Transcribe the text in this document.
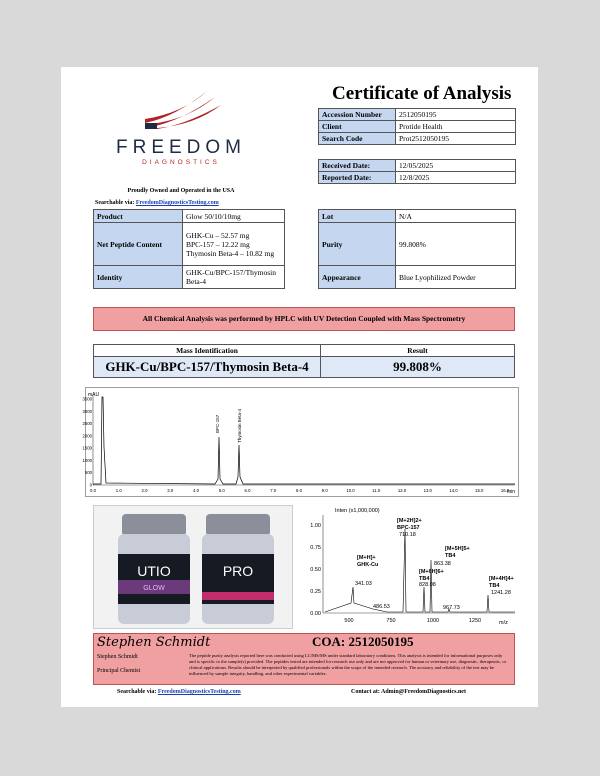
Certificate of Analysis
FREEDOM
DIAGNOSTICS
Proudly Owned and Operated in the USA
Searchable via: FreedomDiagnosticsTesting.com
Accession Number	2512050195
Client	Protide Health
Search Code	Prot2512050195
Received Date:	12/05/2025
Reported Date:	12/8/2025
Product	Glow 50/10/10mg
Net Peptide Content	GHK-Cu – 52.57 mg
BPC-157 – 12.22 mg
Thymosin Beta-4 – 10.82 mg

Identity	GHK-Cu/BPC-157/Thymosin Beta-4
Lot	N/A
Purity	99.808%
Appearance	Blue Lyophilized Powder
All Chemical Analysis was performed by HPLC with UV Detection Coupled with Mass Spectrometry
Mass Identification	Result
GHK-Cu/BPC-157/Thymosin Beta-4	99.808%
mAU
3500
3000
2500
2000
1500
1000
500
0
0.0	1.0	2.0	3.0	4.0	5.0	6.0	7.0	8.0	9.0	10.0	11.0	12.0	13.0	14.0	15.0	16.0
min
BPC-157	Thymosin Beta-4
UTIO
GLOW
PRO
Inten (x1,000,000)
1.00
0.75
0.50
0.25
0.00
500	750	1000	1250	m/z
[M+2H]2+
BPC-157
[M+5H]5+
TB4
[M+H]+
GHK-Cu
[M+6H]6+
TB4	[M+4H]4+
TB4
341.03
486.53
710.18
828.08
863.38
967.73
1241.28
Stephen Schmidt	COA: 2512050195
Stephen Schmidt
Principal Chemist
The peptide purity analysis reported here was conducted using LC/MS/MS under standard laboratory conditions. This analysis is intended for informational purposes only and is specific to the sample(s) provided. The peptides tested are intended for research use only and are not approved for human or veterinary use, diagnostic, therapeutic, or clinical applications. Results should be interpreted by qualified professionals within the scope of the intended research. The accuracy and reliability of the test may be influenced by sample integrity, handling, and other experimental variables.
Searchable via: FreedomDiagnosticsTesting.com	Contact at: Admin@FreedomDiagnostics.net
